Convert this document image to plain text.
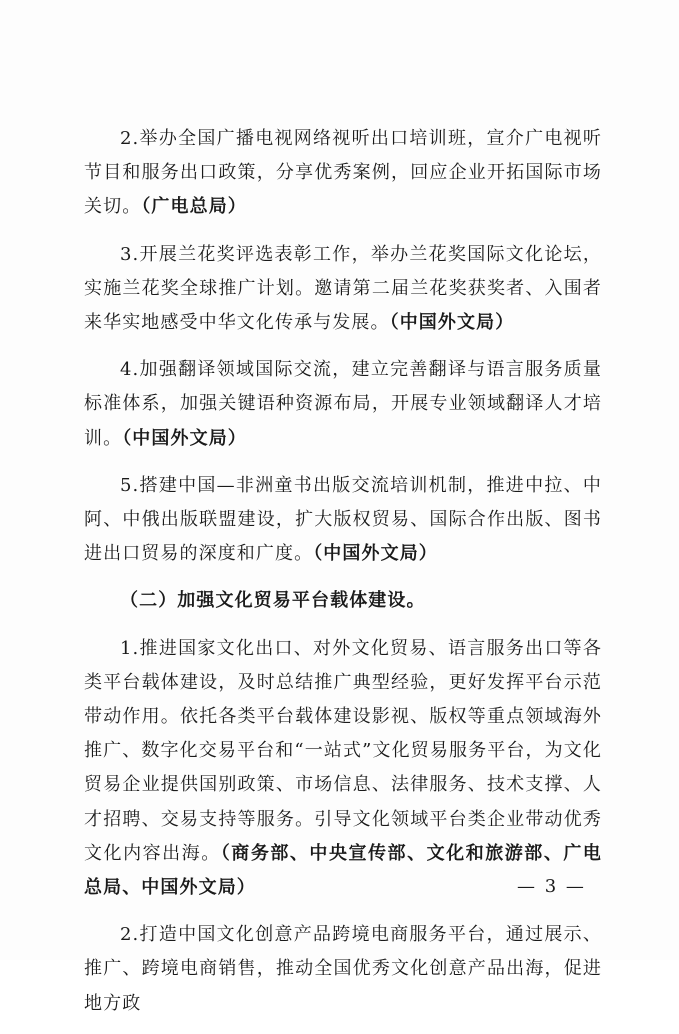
2.举办全国广播电视网络视听出口培训班，宣介广电视听节目和服务出口政策，分享优秀案例，回应企业开拓国际市场关切。（广电总局）

3.开展兰花奖评选表彰工作，举办兰花奖国际文化论坛，实施兰花奖全球推广计划。邀请第二届兰花奖获奖者、入围者来华实地感受中华文化传承与发展。（中国外文局）

4.加强翻译领域国际交流，建立完善翻译与语言服务质量标准体系，加强关键语种资源布局，开展专业领域翻译人才培训。（中国外文局）

5.搭建中国—非洲童书出版交流培训机制，推进中拉、中阿、中俄出版联盟建设，扩大版权贸易、国际合作出版、图书进出口贸易的深度和广度。（中国外文局）

（二）加强文化贸易平台载体建设。

1.推进国家文化出口、对外文化贸易、语言服务出口等各类平台载体建设，及时总结推广典型经验，更好发挥平台示范带动作用。依托各类平台载体建设影视、版权等重点领域海外推广、数字化交易平台和“一站式”文化贸易服务平台，为文化贸易企业提供国别政策、市场信息、法律服务、技术支撑、人才招聘、交易支持等服务。引导文化领域平台类企业带动优秀文化内容出海。（商务部、中央宣传部、文化和旅游部、广电总局、中国外文局）

2.打造中国文化创意产品跨境电商服务平台，通过展示、推广、跨境电商销售，推动全国优秀文化创意产品出海，促进地方政

— 3 —
